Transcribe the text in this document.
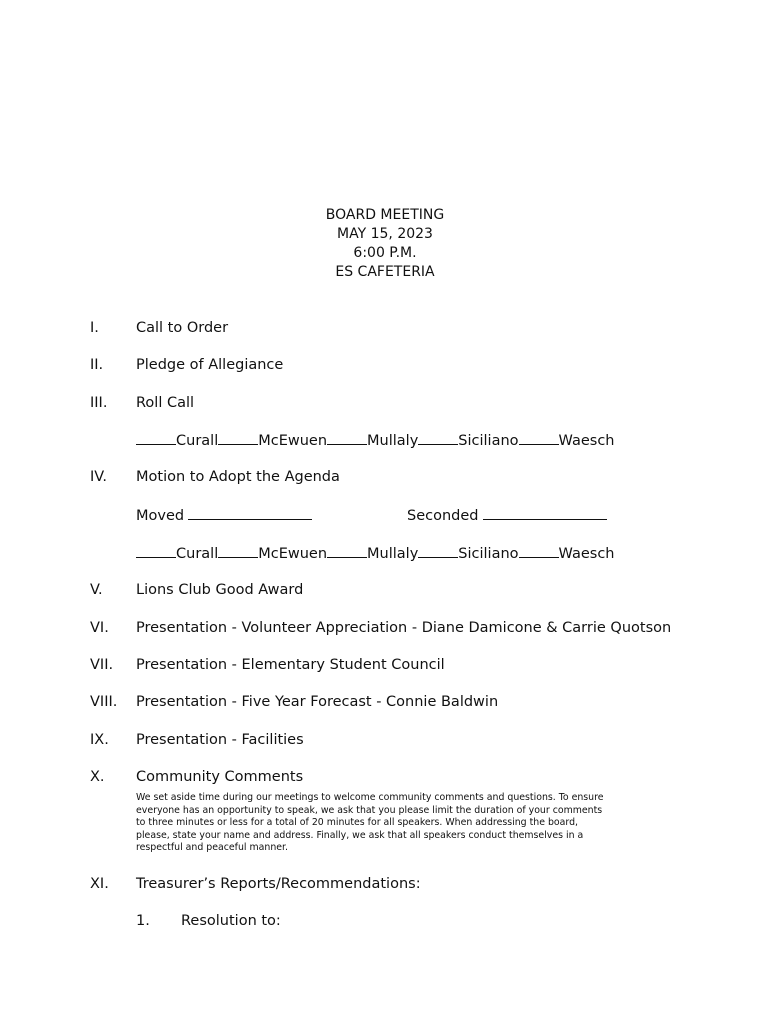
BOARD MEETING
MAY 15, 2023
6:00 P.M.
ES CAFETERIA
I.	Call to Order
II. Pledge of Allegiance
III. Roll Call
Curall	McEwuen	Mullaly	Siciliano	Waesch
IV. Motion to Adopt the Agenda
Moved	Seconded
Curall	McEwuen	Mullaly	Siciliano	Waesch
V. Lions Club Good Award
VI. Presentation - Volunteer Appreciation - Diane Damicone & Carrie Quotson
VII. Presentation - Elementary Student Council
VIII. Presentation - Five Year Forecast - Connie Baldwin
IX. Presentation - Facilities
X. Community Comments
We set aside time during our meetings to welcome community comments and questions. To ensure
everyone has an opportunity to speak, we ask that you please limit the duration of your comments
to three minutes or less for a total of 20 minutes for all speakers. When addressing the board,
please, state your name and address. Finally, we ask that all speakers conduct themselves in a
respectful and peaceful manner.
XI. Treasurer’s Reports/Recommendations:
1. Resolution to:
